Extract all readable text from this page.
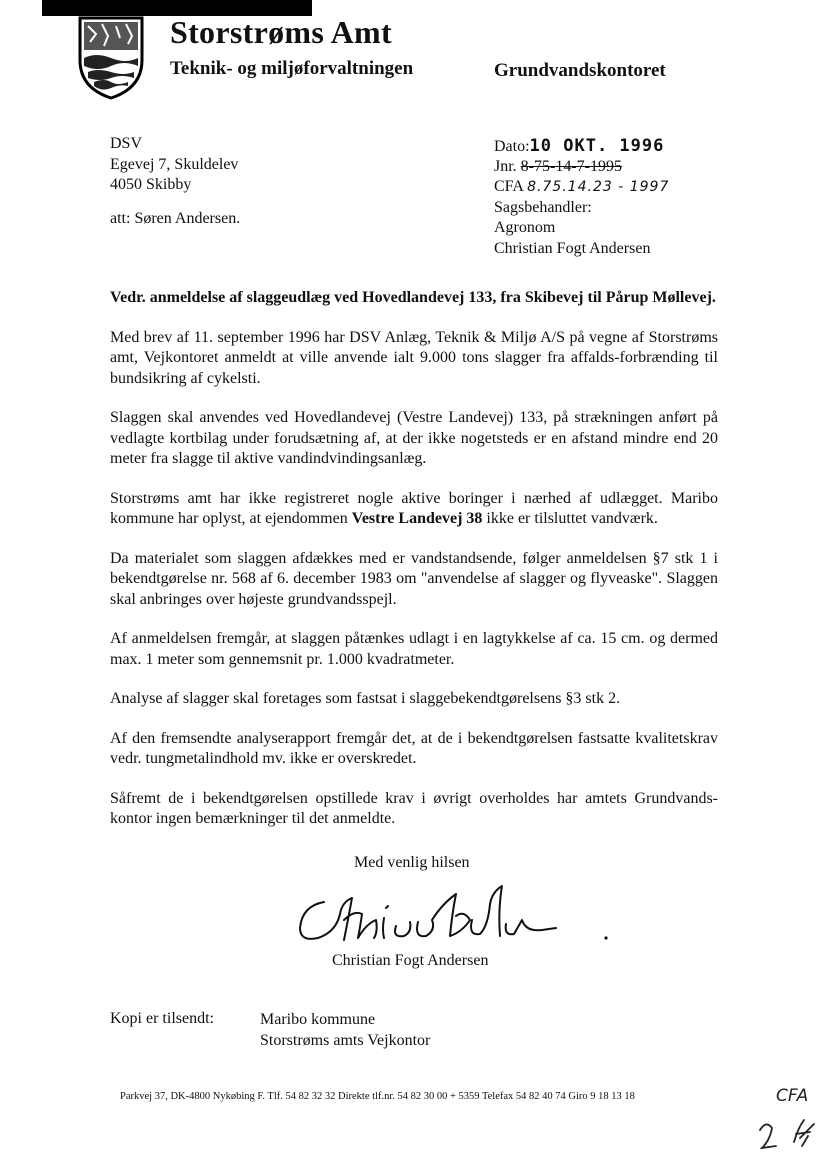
Storstrøms Amt
Teknik- og miljøforvaltningen	Grundvandskontoret
DSV
Egevej 7, Skuldelev
4050 Skibby
att: Søren Andersen.
Dato:10 OKT. 1996
Jnr. 8-75-14-7-1995
CFA 8.75.14.23 - 1997
Sagsbehandler:
Agronom
Christian Fogt Andersen
Vedr. anmeldelse af slaggeudlæg ved Hovedlandevej 133, fra Skibevej til Pårup Møllevej.

Med brev af 11. september 1996 har DSV Anlæg, Teknik & Miljø A/S på vegne af Storstrøms amt, Vejkontoret anmeldt at ville anvende ialt 9.000 tons slagger fra affalds-forbrænding til bundsikring af cykelsti.

Slaggen skal anvendes ved Hovedlandevej (Vestre Landevej) 133, på strækningen anført på vedlagte kortbilag under forudsætning af, at der ikke nogetsteds er en afstand mindre end 20 meter fra slagge til aktive vandindvindingsanlæg.

Storstrøms amt har ikke registreret nogle aktive boringer i nærhed af udlægget. Maribo kommune har oplyst, at ejendommen Vestre Landevej 38 ikke er tilsluttet vandværk.

Da materialet som slaggen afdækkes med er vandstandsende, følger anmeldelsen §7 stk 1 i bekendtgørelse nr. 568 af 6. december 1983 om "anvendelse af slagger og flyveaske". Slaggen skal anbringes over højeste grundvandsspejl.

Af anmeldelsen fremgår, at slaggen påtænkes udlagt i en lagtykkelse af ca. 15 cm. og dermed max. 1 meter som gennemsnit pr. 1.000 kvadratmeter.

Analyse af slagger skal foretages som fastsat i slaggebekendtgørelsens §3 stk 2.

Af den fremsendte analyserapport fremgår det, at de i bekendtgørelsen fastsatte kvalitetskrav vedr. tungmetalindhold mv. ikke er overskredet.

Såfremt de i bekendtgørelsen opstillede krav i øvrigt overholdes har amtets Grundvands-kontor ingen bemærkninger til det anmeldte.

Med venlig hilsen
Christian Fogt Andersen
Kopi er tilsendt:	Maribo kommune
Storstrøms amts Vejkontor
Parkvej 37, DK-4800 Nykøbing F. Tlf. 54 82 32 32 Direkte tlf.nr. 54 82 30 00 + 5359 Telefax 54 82 40 74 Giro 9 18 13 18	CFA
